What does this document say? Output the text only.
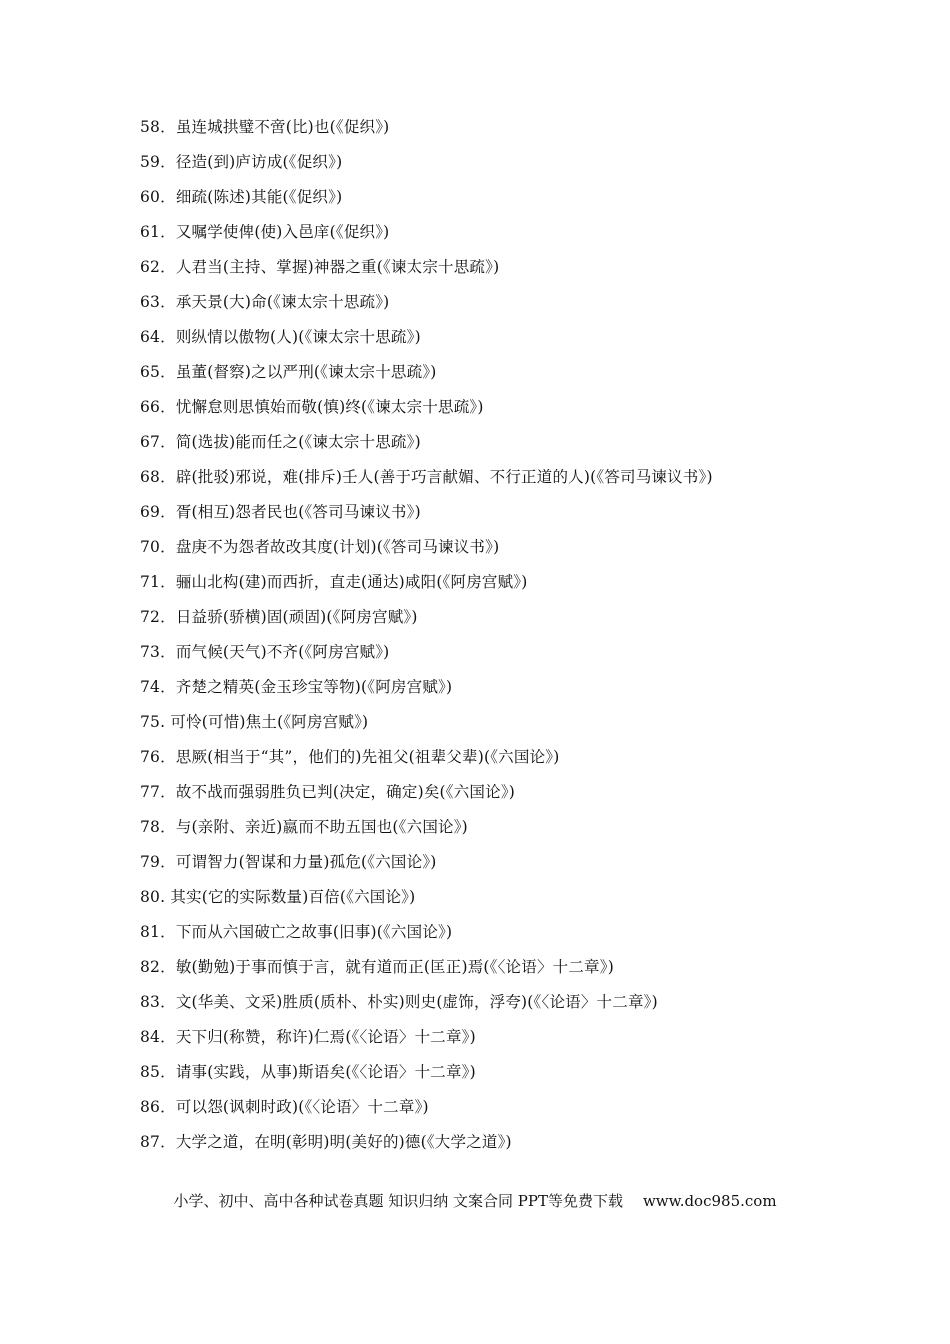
58．虽连城拱璧不啻(比)也(《促织》)
59．径造(到)庐访成(《促织》)
60．细疏(陈述)其能(《促织》)
61．又嘱学使俾(使)入邑庠(《促织》)
62．人君当(主持、掌握)神器之重(《谏太宗十思疏》)
63．承天景(大)命(《谏太宗十思疏》)
64．则纵情以傲物(人)(《谏太宗十思疏》)
65．虽董(督察)之以严刑(《谏太宗十思疏》)
66．忧懈怠则思慎始而敬(慎)终(《谏太宗十思疏》)
67．简(选拔)能而任之(《谏太宗十思疏》)
68．辟(批驳)邪说，难(排斥)壬人(善于巧言献媚、不行正道的人)(《答司马谏议书》)
69．胥(相互)怨者民也(《答司马谏议书》)
70．盘庚不为怨者故改其度(计划)(《答司马谏议书》)
71．骊山北构(建)而西折，直走(通达)咸阳(《阿房宫赋》)
72．日益骄(骄横)固(顽固)(《阿房宫赋》)
73．而气候(天气)不齐(《阿房宫赋》)
74．齐楚之精英(金玉珍宝等物)(《阿房宫赋》)
75. 可怜(可惜)焦土(《阿房宫赋》)
76．思厥(相当于“其”，他们的)先祖父(祖辈父辈)(《六国论》)
77．故不战而强弱胜负已判(决定，确定)矣(《六国论》)
78．与(亲附、亲近)嬴而不助五国也(《六国论》)
79．可谓智力(智谋和力量)孤危(《六国论》)
80. 其实(它的实际数量)百倍(《六国论》)
81．下而从六国破亡之故事(旧事)(《六国论》)
82．敏(勤勉)于事而慎于言，就有道而正(匡正)焉(《〈论语〉十二章》)
83．文(华美、文采)胜质(质朴、朴实)则史(虚饰，浮夸)(《〈论语〉十二章》)
84．天下归(称赞，称许)仁焉(《〈论语〉十二章》)
85．请事(实践，从事)斯语矣(《〈论语〉十二章》)
86．可以怨(讽刺时政)(《〈论语〉十二章》)
87．大学之道，在明(彰明)明(美好的)德(《大学之道》)
小学、初中、高中各种试卷真题 知识归纳 文案合同 PPT等免费下载 www.doc985.com
